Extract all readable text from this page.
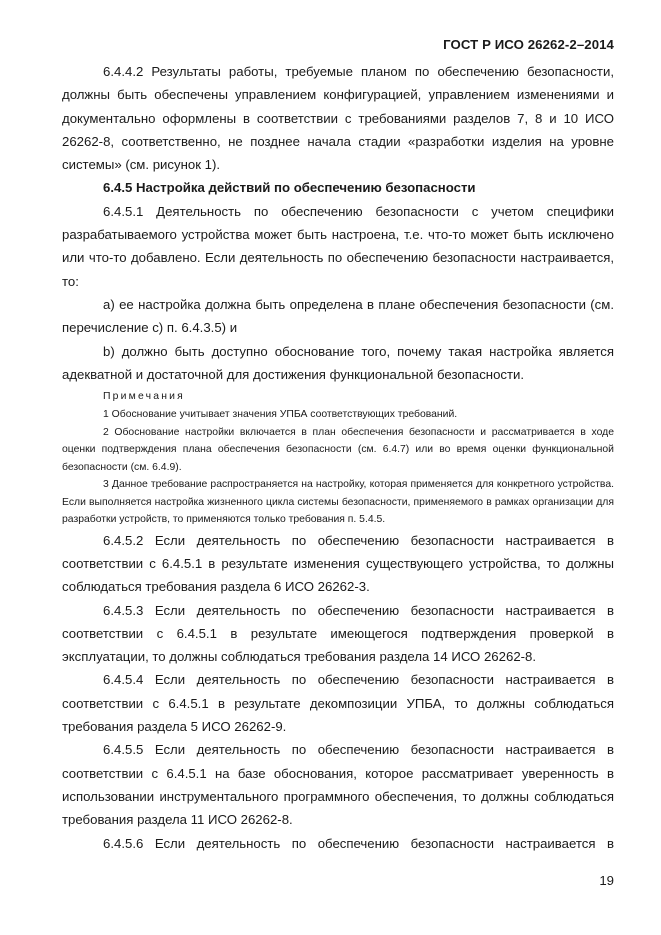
ГОСТ Р ИСО 26262-2–2014

6.4.4.2 Результаты работы, требуемые планом по обеспечению безопасности, должны быть обеспечены управлением конфигурацией, управлением изменениями и документально оформлены в соответствии с требованиями разделов 7, 8 и 10 ИСО 26262-8, соответственно, не позднее начала стадии «разработки изделия на уровне системы» (см. рисунок 1).

6.4.5 Настройка действий по обеспечению безопасности

6.4.5.1 Деятельность по обеспечению безопасности с учетом специфики разрабатываемого устройства может быть настроена, т.е. что-то может быть исключено или что-то добавлено. Если деятельность по обеспечению безопасности настраивается, то:

a) ее настройка должна быть определена в плане обеспечения безопасности (см. перечисление c) п. 6.4.3.5) и

b) должно быть доступно обоснование того, почему такая настройка является адекватной и достаточной для достижения функциональной безопасности.

Примечания

1 Обоснование учитывает значения УПБА соответствующих требований.

2 Обоснование настройки включается в план обеспечения безопасности и рассматривается в ходе оценки подтверждения плана обеспечения безопасности (см. 6.4.7) или во время оценки функциональной безопасности (см. 6.4.9).

3 Данное требование распространяется на настройку, которая применяется для конкретного устройства. Если выполняется настройка жизненного цикла системы безопасности, применяемого в рамках организации для разработки устройств, то применяются только требования п. 5.4.5.

6.4.5.2 Если деятельность по обеспечению безопасности настраивается в соответствии с 6.4.5.1 в результате изменения существующего устройства, то должны соблюдаться требования раздела 6 ИСО 26262-3.

6.4.5.3 Если деятельность по обеспечению безопасности настраивается в соответствии с 6.4.5.1 в результате имеющегося подтверждения проверкой в эксплуатации, то должны соблюдаться требования раздела 14 ИСО 26262-8.

6.4.5.4 Если деятельность по обеспечению безопасности настраивается в соответствии с 6.4.5.1 в результате декомпозиции УПБА, то должны соблюдаться требования раздела 5 ИСО 26262-9.

6.4.5.5 Если деятельность по обеспечению безопасности настраивается в соответствии с 6.4.5.1 на базе обоснования, которое рассматривает уверенность в использовании инструментального программного обеспечения, то должны соблюдаться требования раздела 11 ИСО 26262-8.

6.4.5.6 Если деятельность по обеспечению безопасности настраивается в

19
